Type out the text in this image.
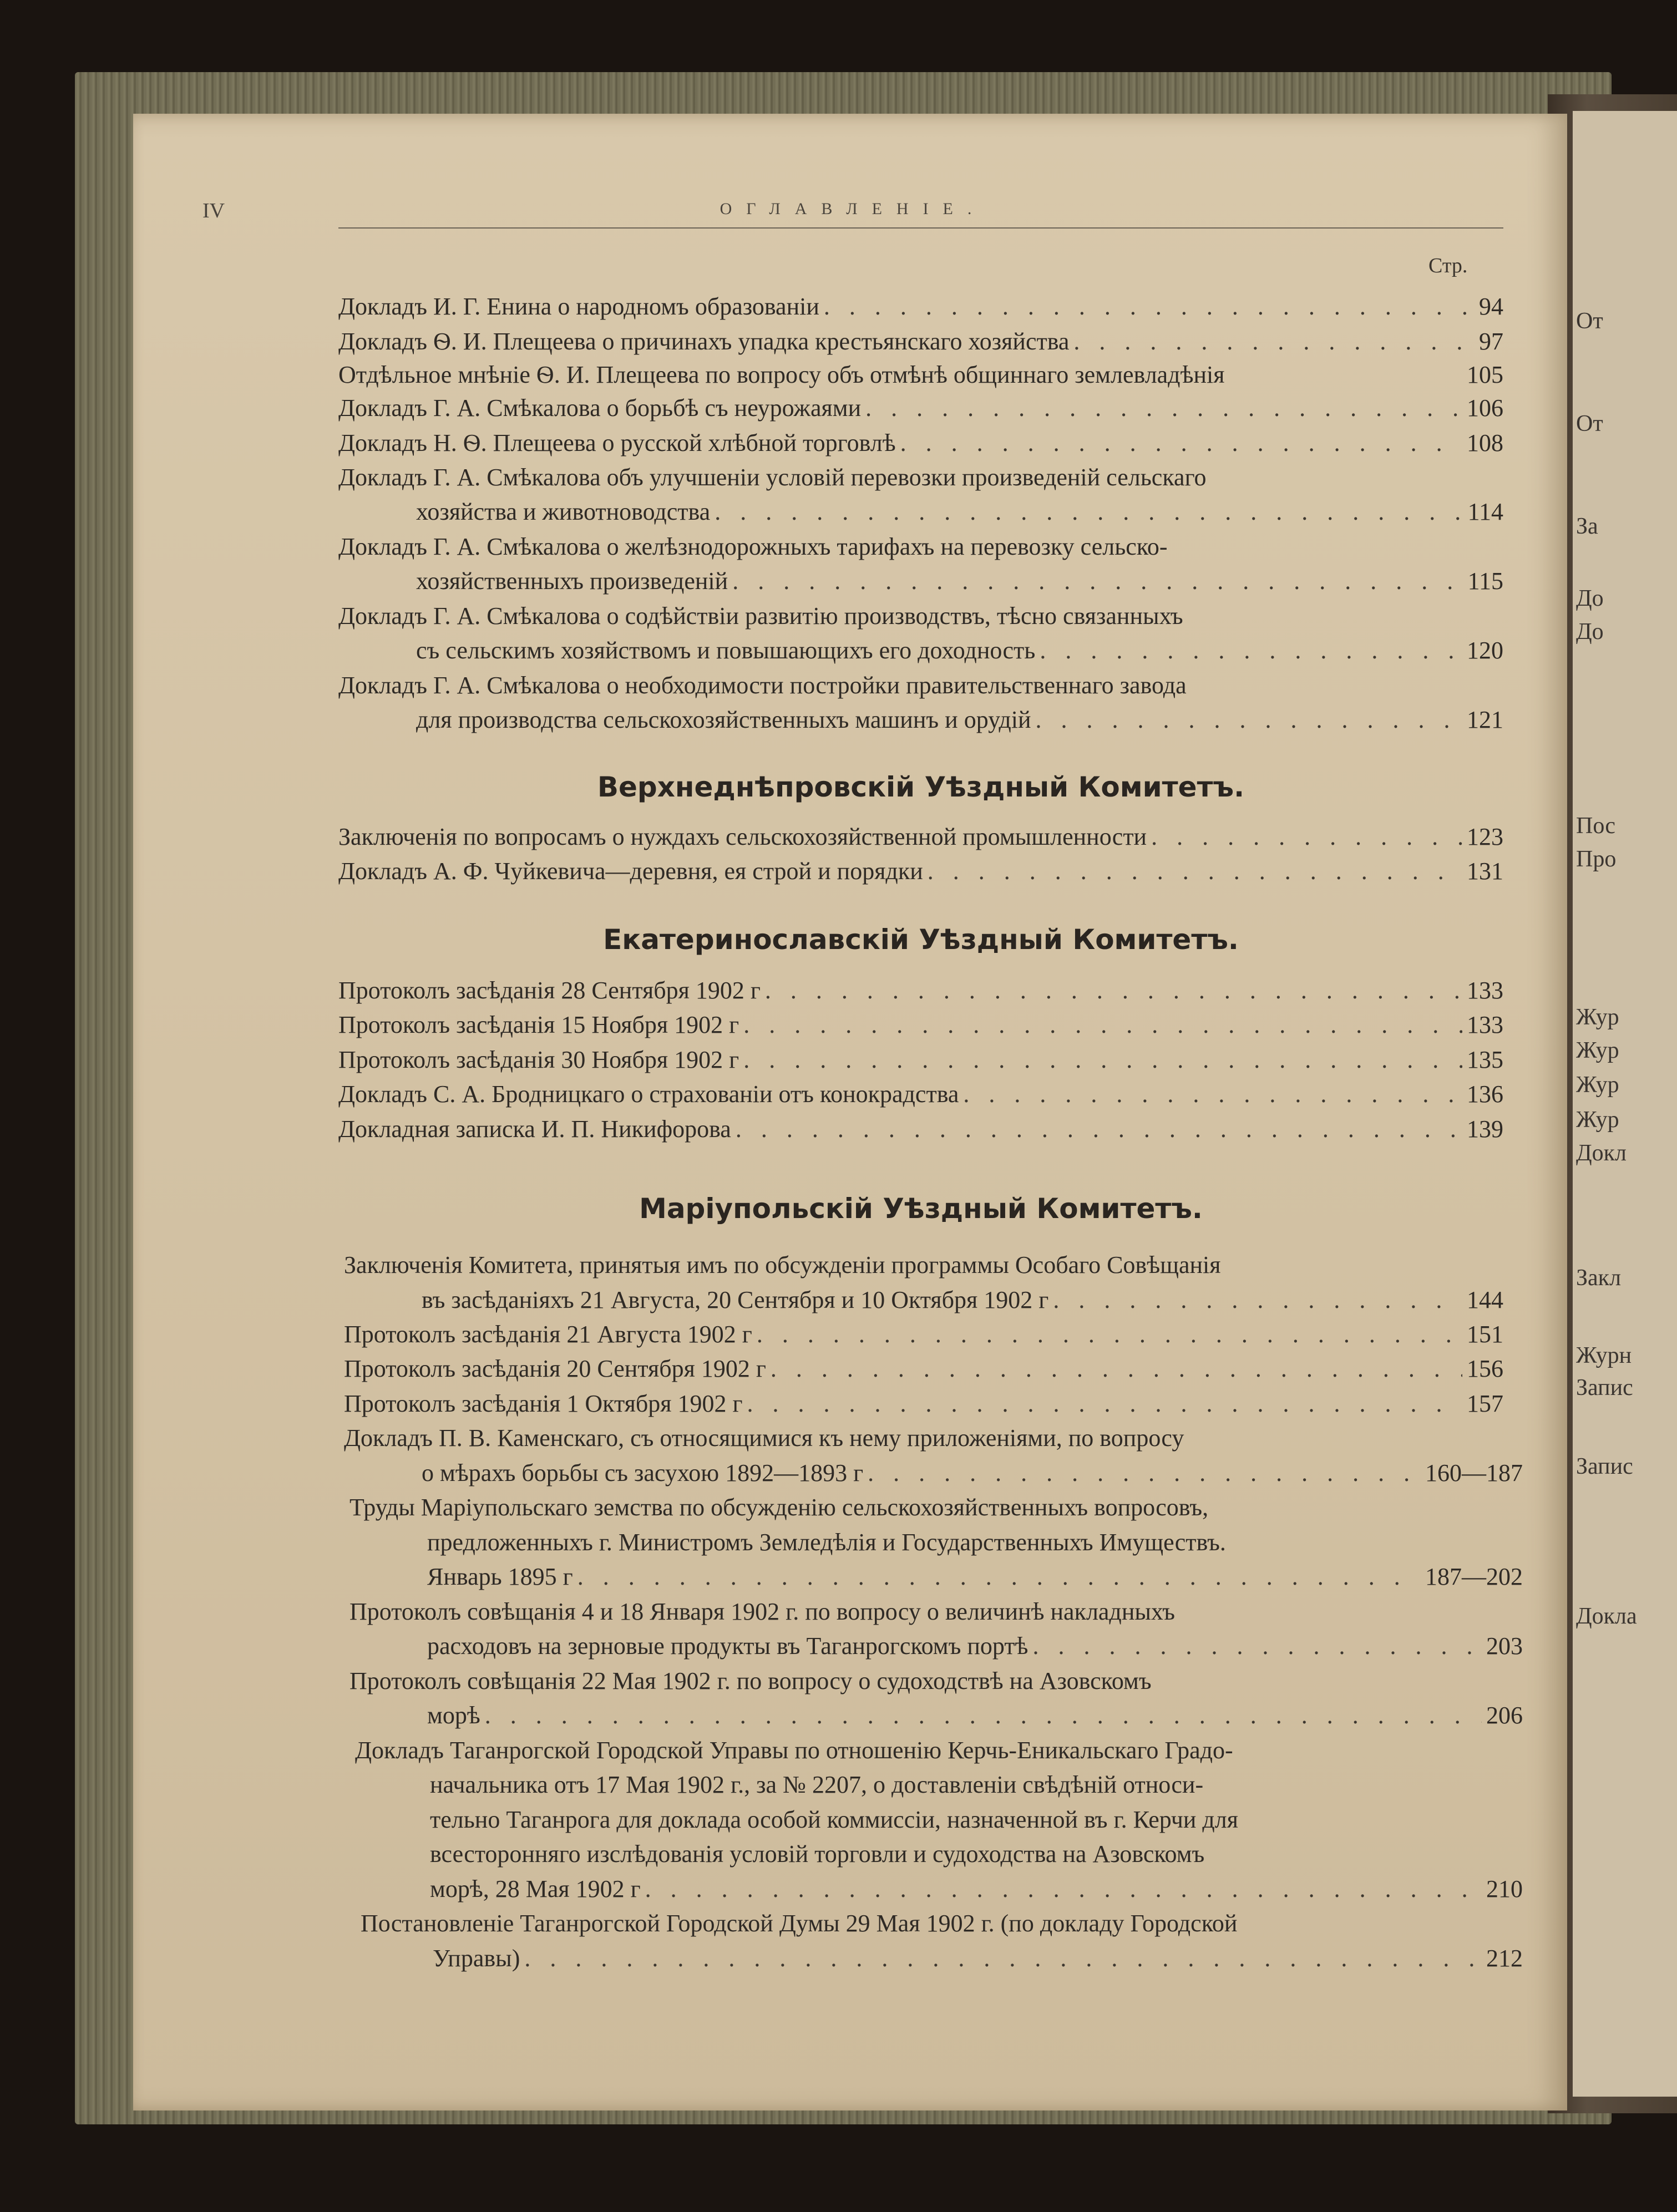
От
От
За
До
До
Пос
Про
Жур
Жур
Жур
Жур
Докл
Закл
Журн
Запис
Запис
Докла
IV	ОГЛАВЛЕНІЕ.
Стр.
Докладъ И. Г. Енина о народномъ образованіи . . .	94
Докладъ Ѳ. И. Плещеева о причинахъ упадка крестьянскаго хозяйства . . .	97
Отдѣльное мнѣніе Ѳ. И. Плещеева по вопросу объ отмѣнѣ общиннаго землевладѣнія	105
Докладъ Г. А. Смѣкалова о борьбѣ съ неурожаями . . .	106
Докладъ Н. Ѳ. Плещеева о русской хлѣбной торговлѣ . . .	108
Докладъ Г. А. Смѣкалова объ улучшеніи условій перевозки произведеній сельскаго
хозяйства и животноводства . . .	114
Докладъ Г. А. Смѣкалова о желѣзнодорожныхъ тарифахъ на перевозку сельско-
хозяйственныхъ произведеній . . .	115
Докладъ Г. А. Смѣкалова о содѣйствіи развитію производствъ, тѣсно связанныхъ
съ сельскимъ хозяйствомъ и повышающихъ его доходность . . .	120
Докладъ Г. А. Смѣкалова о необходимости постройки правительственнаго завода
для производства сельскохозяйственныхъ машинъ и орудій . . .	121
Верхнеднѣпровскій Уѣздный Комитетъ.
Заключенія по вопросамъ о нуждахъ сельскохозяйственной промышленности . . .	123
Докладъ А. Ф. Чуйкевича—деревня, ея строй и порядки . . .	131
Екатеринославскій Уѣздный Комитетъ.
Протоколъ засѣданія 28 Сентября 1902 г . . .	133
Протоколъ засѣданія 15 Ноября 1902 г . . .	133
Протоколъ засѣданія 30 Ноября 1902 г . . .	135
Докладъ С. А. Бродницкаго о страхованіи отъ конокрадства . . .	136
Докладная записка И. П. Никифорова . . .	139
Маріупольскій Уѣздный Комитетъ.
Заключенія Комитета, принятыя имъ по обсужденіи программы Особаго Совѣщанія
въ засѣданіяхъ 21 Августа, 20 Сентября и 10 Октября 1902 г . . .	144
Протоколъ засѣданія 21 Августа 1902 г . . .	151
Протоколъ засѣданія 20 Сентября 1902 г . . .	156
Протоколъ засѣданія 1 Октября 1902 г . . .	157
Докладъ П. В. Каменскаго, съ относящимися къ нему приложеніями, по вопросу
о мѣрахъ борьбы съ засухою 1892—1893 г . . .	160—187
Труды Маріупольскаго земства по обсужденію сельскохозяйственныхъ вопросовъ,
предложенныхъ г. Министромъ Земледѣлія и Государственныхъ Имуществъ.
Январь 1895 г . . .	187—202
Протоколъ совѣщанія 4 и 18 Января 1902 г. по вопросу о величинѣ накладныхъ
расходовъ на зерновые продукты въ Таганрогскомъ портѣ . . .	203
Протоколъ совѣщанія 22 Мая 1902 г. по вопросу о судоходствѣ на Азовскомъ
морѣ . . .	206
Докладъ Таганрогской Городской Управы по отношенію Керчь-Еникальскаго Градо-
начальника отъ 17 Мая 1902 г., за № 2207, о доставленіи свѣдѣній относи-
тельно Таганрога для доклада особой коммиссіи, назначенной въ г. Керчи для
всесторонняго изслѣдованія условій торговли и судоходства на Азовскомъ
морѣ, 28 Мая 1902 г . . .	210
Постановленіе Таганрогской Городской Думы 29 Мая 1902 г. (по докладу Городской
Управы) . . .	212
